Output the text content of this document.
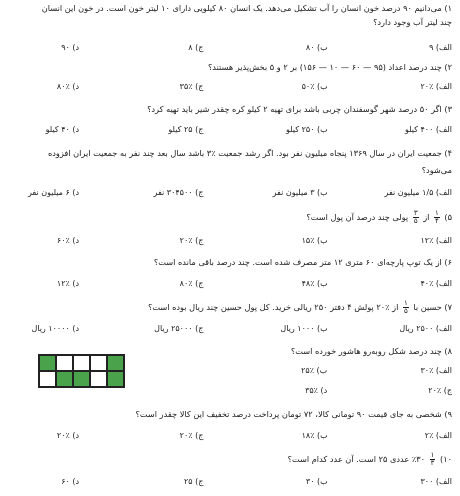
۱) می‌دانیم ۹۰ درصد خون انسان را آب تشکیل می‌دهد. یک انسان ۸۰ کیلویی دارای ۱۰ لیتر خون است. در خون این انسان
چند لیتر آب وجود دارد؟
الف) ۹
ب) ۸۰
ج) ۸
د) ۹۰
۲) چند درصد اعداد (۹۵ — ۶۰ — ۱۰ — ۱۵۶) بر ۲ و ۵ بخش‌پذیر هستند؟
الف) ٪۲۰
ب) ٪۵۰
ج) ٪۳۵
د) ٪۸۰
۳) اگر ۵۰ درصد شهر گوسفندان چربی باشد برای تهیه ۲ کیلو کره چقدر شیر باید تهیه کرد؟
الف) ۴۰۰ کیلو
ب) ۲۵۰ کیلو
ج) ۲۵ کیلو
د) ۴۰ کیلو
۴) جمعیت ایران در سال ۱۳۶۹ پنجاه میلیون نفر بود. اگر رشد جمعیت ٪۳ باشد سال بعد چند نفر به جمعیت ایران افزوده
می‌شود؟
الف) ۱/۵ میلیون نفر
ب) ۳ میلیون نفر
ج) ۳۰۴۵۰۰ نفر
د) ۶ میلیون نفر
۵)
$\frac{۱}{۴}$
از
$\frac{۳}{۵}$
پولی چند درصد آن پول است؟
الف) ٪۱۲
ب) ٪۱۵
ج) ٪۲۰
د) ٪۶۰
۶) از یک توپ پارچه‌ای ۶۰ متری ۱۲ متر مصرف شده است. چند درصد باقی مانده است؟
الف) ٪۴۰
ب) ٪۴۸
ج) ٪۸۰
د) ٪۱۲
۷) حسین با
$\frac{۱}{۵}$
از ٪۲۰ پولش ۴ دفتر ۲۵۰ ریالی خرید. کل پول حسین چند ریال بوده است؟
الف) ۲۵۰۰ ریال
ب) ۱۰۰۰ ریال
ج) ۲۵۰۰۰ ریال
د) ۱۰۰۰۰ ریال
۸) چند درصد شکل روبه‌رو هاشور خورده است؟
الف) ٪۳۰
ب) ٪۲۵
ج) ٪۲۰
د) ٪۳۵
۹) شخصی به جای قیمت ۹۰ تومانی کالا، ۷۲ تومان پرداخت درصد تخفیف این کالا چقدر است؟
الف) ٪۲
ب) ٪۱۸
ج) ٪۲۰
د) ٪۲۰
۱۰)
$\frac{۱}{۳}$
٪۳۰ عددی ۲۵ است. آن عدد کدام است؟
الف) ۳۰۰
ب) ۳۰
ج) ۲۵
د) ۶۰
